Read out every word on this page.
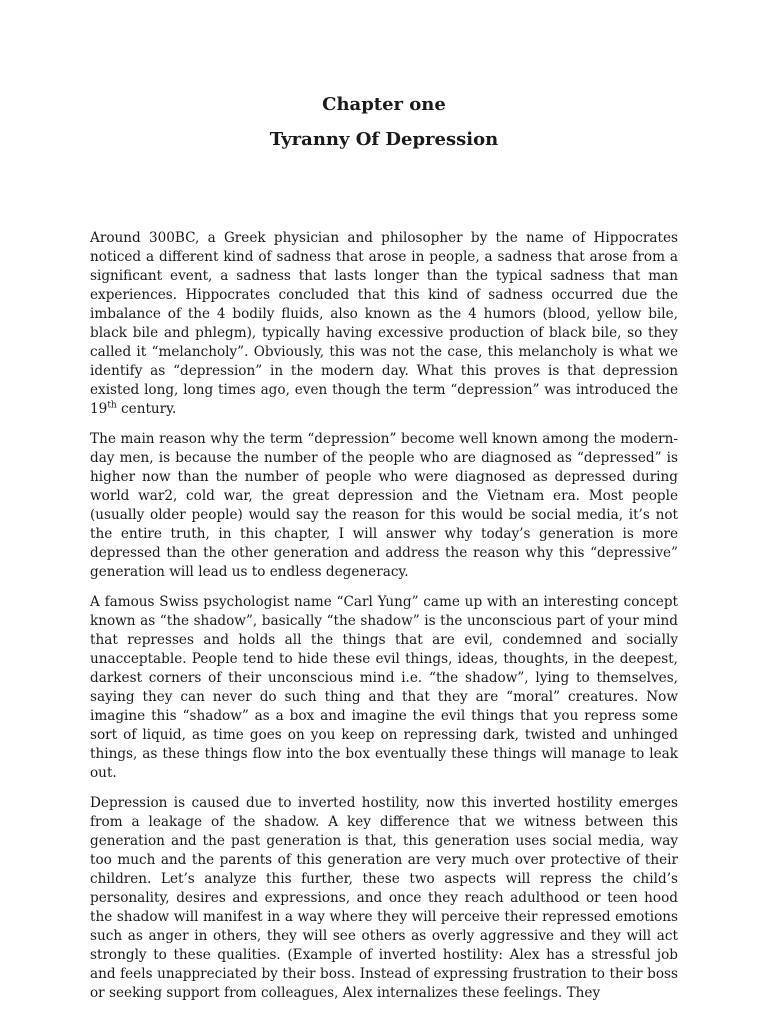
Chapter one
Tyranny Of Depression

Around 300BC, a Greek physician and philosopher by the name of Hippocrates noticed a different kind of sadness that arose in people, a sadness that arose from a significant event, a sadness that lasts longer than the typical sadness that man experiences. Hippocrates concluded that this kind of sadness occurred due the imbalance of the 4 bodily fluids, also known as the 4 humors (blood, yellow bile, black bile and phlegm), typically having excessive production of black bile, so they called it “melancholy”. Obviously, this was not the case, this melancholy is what we identify as “depression” in the modern day. What this proves is that depression existed long, long times ago, even though the term “depression” was introduced the 19th century.

The main reason why the term “depression” become well known among the modern-day men, is because the number of the people who are diagnosed as “depressed” is higher now than the number of people who were diagnosed as depressed during world war2, cold war, the great depression and the Vietnam era. Most people (usually older people) would say the reason for this would be social media, it’s not the entire truth, in this chapter, I will answer why today’s generation is more depressed than the other generation and address the reason why this “depressive” generation will lead us to endless degeneracy.

A famous Swiss psychologist name “Carl Yung” came up with an interesting concept known as “the shadow”, basically “the shadow” is the unconscious part of your mind that represses and holds all the things that are evil, condemned and socially unacceptable. People tend to hide these evil things, ideas, thoughts, in the deepest, darkest corners of their unconscious mind i.e. “the shadow”, lying to themselves, saying they can never do such thing and that they are “moral” creatures. Now imagine this “shadow” as a box and imagine the evil things that you repress some sort of liquid, as time goes on you keep on repressing dark, twisted and unhinged things, as these things flow into the box eventually these things will manage to leak out.

Depression is caused due to inverted hostility, now this inverted hostility emerges from a leakage of the shadow. A key difference that we witness between this generation and the past generation is that, this generation uses social media, way too much and the parents of this generation are very much over protective of their children. Let’s analyze this further, these two aspects will repress the child’s personality, desires and expressions, and once they reach adulthood or teen hood the shadow will manifest in a way where they will perceive their repressed emotions such as anger in others, they will see others as overly aggressive and they will act strongly to these qualities. (Example of inverted hostility: Alex has a stressful job and feels unappreciated by their boss. Instead of expressing frustration to their boss or seeking support from colleagues, Alex internalizes these feelings. They
